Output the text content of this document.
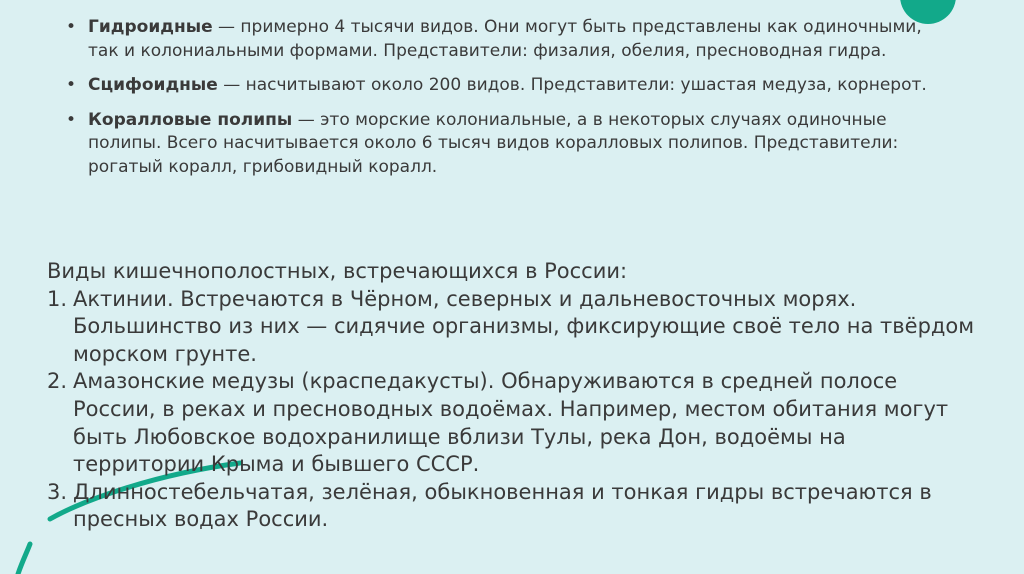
• Гидроидные — примерно 4 тысячи видов. Они могут быть представлены как одиночными, так и колониальными формами. Представители: физалия, обелия, пресноводная гидра.
• Сцифоидные — насчитывают около 200 видов. Представители: ушастая медуза, корнерот.
• Коралловые полипы — это морские колониальные, а в некоторых случаях одиночные полипы. Всего насчитывается около 6 тысяч видов коралловых полипов. Представители: рогатый коралл, грибовидный коралл.

Виды кишечнополостных, встречающихся в России:

1. Актинии. Встречаются в Чёрном, северных и дальневосточных морях. Большинство из них — сидячие организмы, фиксирующие своё тело на твёрдом морском грунте.
2. Амазонские медузы (краспедакусты). Обнаруживаются в средней полосе России, в реках и пресноводных водоёмах. Например, местом обитания могут быть Любовское водохранилище вблизи Тулы, река Дон, водоёмы на территории Крыма и бывшего СССР.
3. Длинностебельчатая, зелёная, обыкновенная и тонкая гидры встречаются в пресных водах России.
